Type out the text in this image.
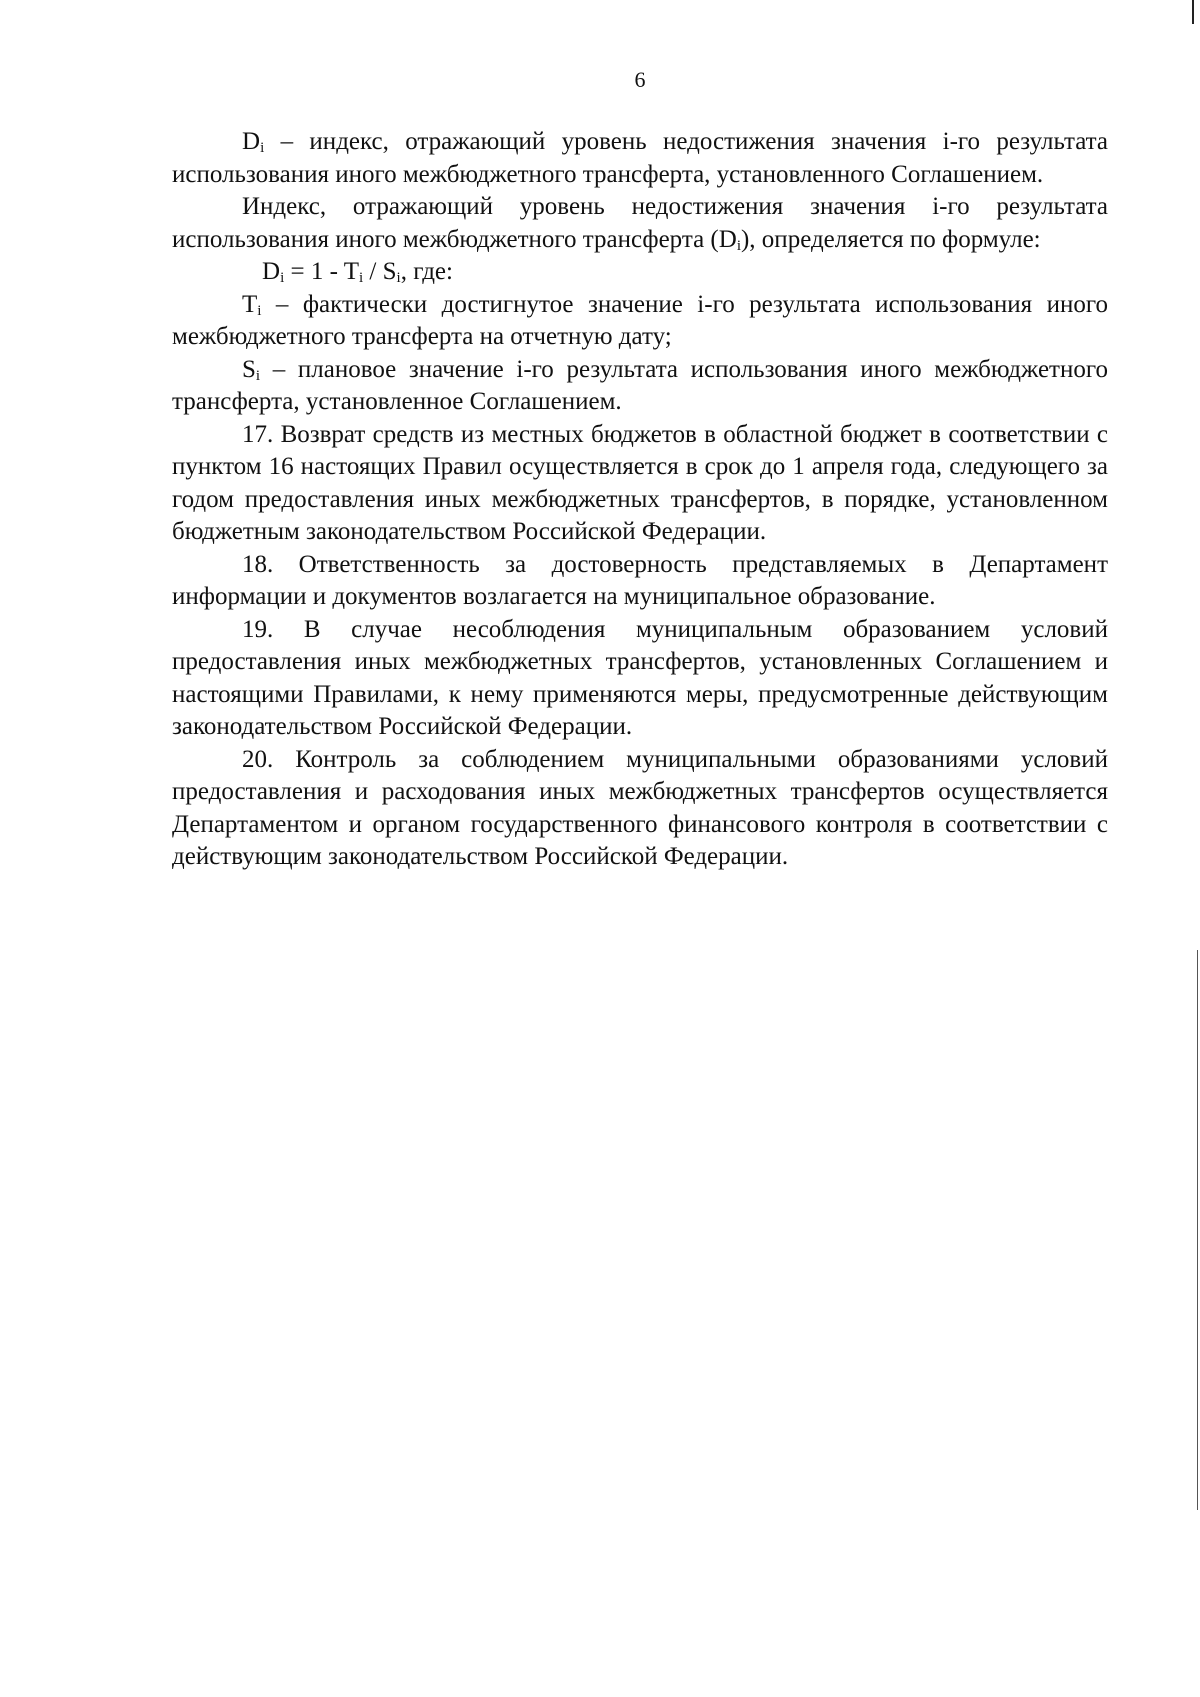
6

$D_i$ – индекс, отражающий уровень недостижения значения i-го результата использования иного межбюджетного трансферта, установленного Соглашением.

Индекс, отражающий уровень недостижения значения i-го результата использования иного межбюджетного трансферта $(D_i)$, определяется по формуле:

$D_i = 1 - T_i / S_i$, где:

$T_i$ – фактически достигнутое значение i-го результата использования иного межбюджетного трансферта на отчетную дату;

$S_i$ – плановое значение i-го результата использования иного межбюджетного трансферта, установленное Соглашением.

17. Возврат средств из местных бюджетов в областной бюджет в соответствии с пунктом 16 настоящих Правил осуществляется в срок до 1 апреля года, следующего за годом предоставления иных межбюджетных трансфертов, в порядке, установленном бюджетным законодательством Российской Федерации.

18. Ответственность за достоверность представляемых в Департамент информации и документов возлагается на муниципальное образование.

19. В случае несоблюдения муниципальным образованием условий предоставления иных межбюджетных трансфертов, установленных Соглашением и настоящими Правилами, к нему применяются меры, предусмотренные действующим законодательством Российской Федерации.

20. Контроль за соблюдением муниципальными образованиями условий предоставления и расходования иных межбюджетных трансфертов осуществляется Департаментом и органом государственного финансового контроля в соответствии с действующим законодательством Российской Федерации.
